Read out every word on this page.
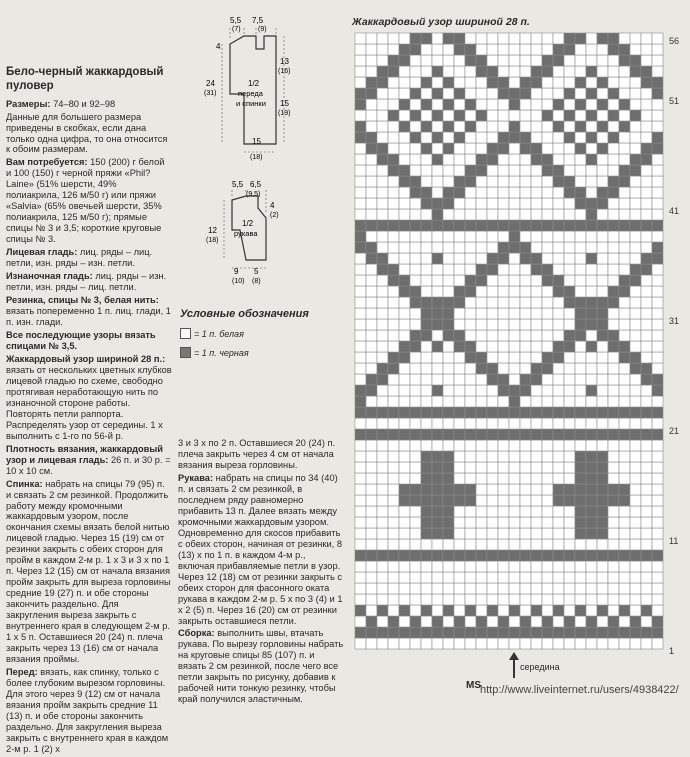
Бело-черный жаккардовый пуловер

Размеры: 74–80 и 92–98

Данные для большего размера приведены в скобках, если дана только одна цифра, то она относится к обоим размерам.

Вам потребуется: 150 (200) г белой и 100 (150) г черной пряжи «Phil?Laine» (51% шерсти, 49% полиакрила, 126 м/50 г) или пряжи «Salvia» (65% овечьей шерсти, 35% полиакрила, 125 м/50 г); прямые спицы № 3 и 3,5; короткие круговые спицы № 3.

Лицевая гладь: лиц. ряды – лиц. петли, изн. ряды – изн. петли.

Изнаночная гладь: лиц. ряды – изн. петли, изн. ряды – лиц. петли.

Резинка, спицы № 3, белая нить: вязать попеременно 1 п. лиц. глади, 1 п. изн. глади.

Все последующие узоры вязать спицами № 3,5.

Жаккардовый узор шириной 28 п.: вязать от нескольких цветных клубков лицевой гладью по схеме, свободно протягивая неработающую нить по изнаночной стороне работы. Повторять петли раппорта. Распределять узор от середины. 1 х выполнить с 1-го по 56-й р.

Плотность вязания, жаккардовый узор и лицевая гладь: 26 п. и 30 р. = 10 х 10 см.

Спинка: набрать на спицы 79 (95) п. и связать 2 см резинкой. Продолжить работу между кромочными жаккардовым узором, после окончания схемы вязать белой нитью лицевой гладью. Через 15 (19) см от резинки закрыть с обеих сторон для пройм в каждом 2-м р. 1 х 3 и 3 х по 1 п. Через 12 (15) см от начала вязания пройм закрыть для выреза горловины средние 19 (27) п. и обе стороны закончить раздельно. Для закругления выреза закрыть с внутреннего края в следующем 2-м р. 1 х 5 п. Оставшиеся 20 (24) п. плеча закрыть через 13 (16) см от начала вязания проймы.

Перед: вязать, как спинку, только с более глубоким вырезом горловины. Для этого через 9 (12) см от начала вязания пройм закрыть средние 11 (13) п. и обе стороны закончить раздельно. Для закругления выреза закрыть с внутреннего края в каждом 2-м р. 1 (2) х

5,5
(7)
7,5
(9)
4
13
(16)
24
(31)
15
(19)
1/2
переда
и спинки
15
(18)
5,5 6,5
(9,5)
4
(2)
1/2
рукава
12
(18)
9
(10)
5
(8)
Условные обозначения
= 1 п. белая
= 1 п. черная

3 и 3 х по 2 п. Оставшиеся 20 (24) п. плеча закрыть через 4 см от начала вязания выреза горловины.

Рукава: набрать на спицы по 34 (40) п. и связать 2 см резинкой, в последнем ряду равномерно прибавить 13 п. Далее вязать между кромочными жаккардовым узором. Одновременно для скосов прибавить с обеих сторон, начиная от резинки, 8 (13) х по 1 п. в каждом 4-м р., включая прибавляемые петли в узор. Через 12 (18) см от резинки закрыть с обеих сторон для фасонного оката рукава в каждом 2-м р. 5 х по 3 (4) и 1 х 2 (5) п. Через 16 (20) см от резинки закрыть оставшиеся петли.

Сборка: выполнить швы, втачать рукава. По вырезу горловины набрать на круговые спицы 85 (107) п. и вязать 2 см резинкой, после чего все петли закрыть по рисунку, добавив к рабочей нити тонкую резинку, чтобы край получился эластичным.

Жаккардовый узор шириной 28 п.
56
51
41
31
21
11
1
середина
MS http://www.liveinternet.ru/users/4938422/
